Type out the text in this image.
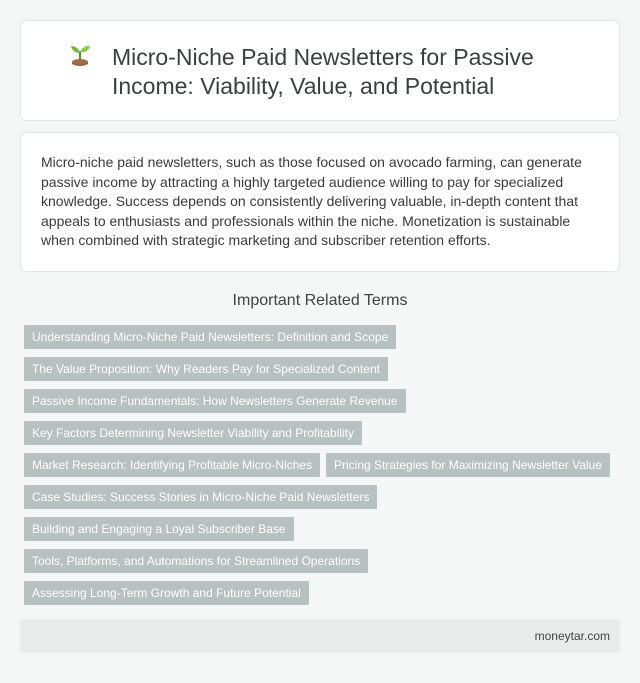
Micro-Niche Paid Newsletters for Passive Income: Viability, Value, and Potential

Micro-niche paid newsletters, such as those focused on avocado farming, can generate passive income by attracting a highly targeted audience willing to pay for specialized knowledge. Success depends on consistently delivering valuable, in-depth content that appeals to enthusiasts and professionals within the niche. Monetization is sustainable when combined with strategic marketing and subscriber retention efforts.

Important Related Terms
Understanding Micro-Niche Paid Newsletters: Definition and Scope
The Value Proposition: Why Readers Pay for Specialized Content
Passive Income Fundamentals: How Newsletters Generate Revenue
Key Factors Determining Newsletter Viability and Profitability
Market Research: Identifying Profitable Micro-Niches	Pricing Strategies for Maximizing Newsletter Value
Case Studies: Success Stories in Micro-Niche Paid Newsletters
Building and Engaging a Loyal Subscriber Base
Tools, Platforms, and Automations for Streamlined Operations
Assessing Long-Term Growth and Future Potential
moneytar.com
